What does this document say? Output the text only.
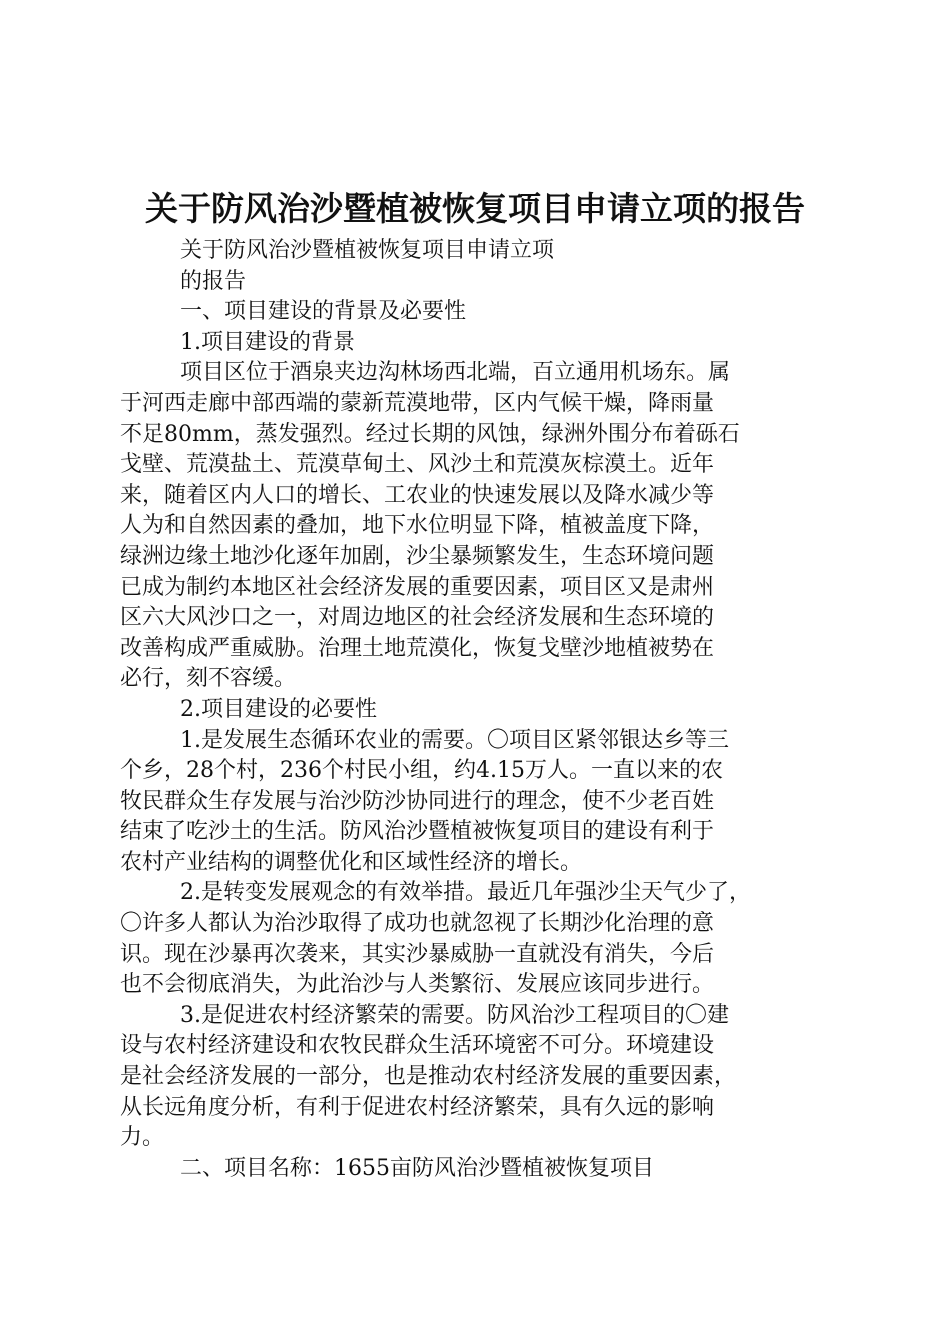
关于防风治沙暨植被恢复项目申请立项的报告
关于防风治沙暨植被恢复项目申请立项
的报告
一、项目建设的背景及必要性
1.项目建设的背景
项目区位于酒泉夹边沟林场西北端，百立通用机场东。属
于河西走廊中部西端的蒙新荒漠地带，区内气候干燥，降雨量
不足80mm，蒸发强烈。经过长期的风蚀，绿洲外围分布着砾石
戈壁、荒漠盐土、荒漠草甸土、风沙土和荒漠灰棕漠土。近年
来，随着区内人口的增长、工农业的快速发展以及降水减少等
人为和自然因素的叠加，地下水位明显下降，植被盖度下降，
绿洲边缘土地沙化逐年加剧，沙尘暴频繁发生，生态环境问题
已成为制约本地区社会经济发展的重要因素，项目区又是肃州
区六大风沙口之一，对周边地区的社会经济发展和生态环境的
改善构成严重威胁。治理土地荒漠化，恢复戈壁沙地植被势在
必行，刻不容缓。
2.项目建设的必要性
1.是发展生态循环农业的需要。〇项目区紧邻银达乡等三
个乡，28个村，236个村民小组，约4.15万人。一直以来的农
牧民群众生存发展与治沙防沙协同进行的理念，使不少老百姓
结束了吃沙土的生活。防风治沙暨植被恢复项目的建设有利于
农村产业结构的调整优化和区域性经济的增长。
2.是转变发展观念的有效举措。最近几年强沙尘天气少了，
〇许多人都认为治沙取得了成功也就忽视了长期沙化治理的意
识。现在沙暴再次袭来，其实沙暴威胁一直就没有消失，今后
也不会彻底消失，为此治沙与人类繁衍、发展应该同步进行。
3.是促进农村经济繁荣的需要。防风治沙工程项目的〇建
设与农村经济建设和农牧民群众生活环境密不可分。环境建设
是社会经济发展的一部分，也是推动农村经济发展的重要因素，
从长远角度分析，有利于促进农村经济繁荣，具有久远的影响
力。
二、项目名称：1655亩防风治沙暨植被恢复项目
